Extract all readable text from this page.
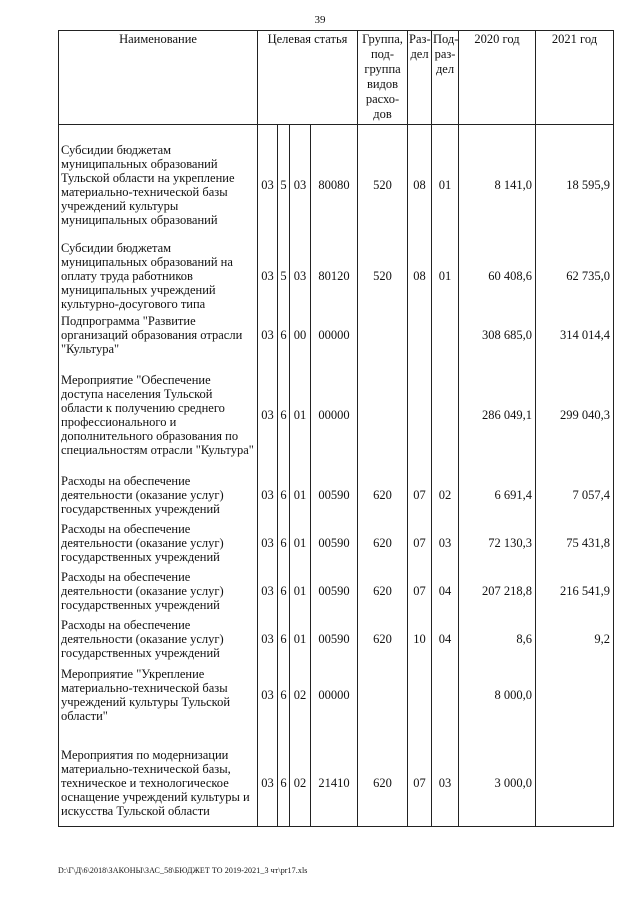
39
Наименование	Целевая статья				Группа, под-группа видов расхо-дов	Раз-дел	Под-раз-дел	2020 год	2021 год
Субсидии бюджетам муниципальных образований Тульской области на укрепление материально-технической базы учреждений культуры муниципальных образований	03	5	03	80080	520	08	01	8 141,0	18 595,9
Субсидии бюджетам муниципальных образований на оплату труда работников муниципальных учреждений культурно-досугового типа	03	5	03	80120	520	08	01	60 408,6	62 735,0
Подпрограмма "Развитие организаций образования отрасли "Культура"	03	6	00	00000				308 685,0	314 014,4
Мероприятие "Обеспечение доступа населения Тульской области к получению среднего профессионального и дополнительного образования по специальностям отрасли "Культура"	03	6	01	00000				286 049,1	299 040,3
Расходы на обеспечение деятельности (оказание услуг) государственных учреждений	03	6	01	00590	620	07	02	6 691,4	7 057,4
Расходы на обеспечение деятельности (оказание услуг) государственных учреждений	03	6	01	00590	620	07	03	72 130,3	75 431,8
Расходы на обеспечение деятельности (оказание услуг) государственных учреждений	03	6	01	00590	620	07	04	207 218,8	216 541,9
Расходы на обеспечение деятельности (оказание услуг) государственных учреждений	03	6	01	00590	620	10	04	8,6	9,2
Мероприятие "Укрепление материально-технической базы учреждений культуры Тульской области"	03	6	02	00000				8 000,0	
Мероприятия по модернизации материально-технической базы, техническое и технологическое оснащение учреждений культуры и искусства Тульской области	03	6	02	21410	620	07	03	3 000,0	
D:\Г\Д\6\2018\ЗАКОНЫ\ЗАС_58\БЮДЖЕТ ТО 2019-2021_3 чт\pr17.xls
